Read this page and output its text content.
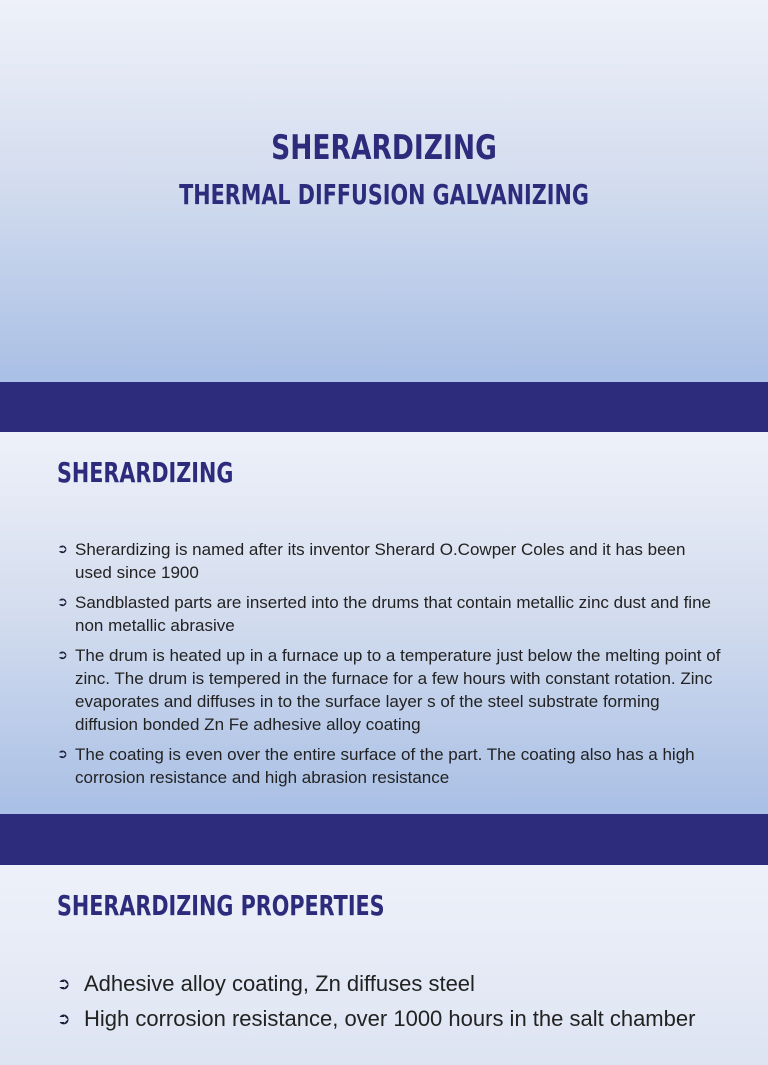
SHERARDIZING
THERMAL DIFFUSION GALVANIZING
SHERARDIZING
➲ Sherardizing is named after its inventor Sherard O.Cowper Coles and it has been used since 1900
➲ Sandblasted parts are inserted into the drums that contain metallic zinc dust and fine non metallic abrasive
➲ The drum is heated up in a furnace up to a temperature just below the melting point of zinc. The drum is tempered in the furnace for a few hours with constant rotation. Zinc evaporates and diffuses in to the surface layer s of the steel substrate forming diffusion bonded Zn Fe adhesive alloy coating
➲ The coating is even over the entire surface of the part. The coating also has a high corrosion resistance and high abrasion resistance
SHERARDIZING PROPERTIES
➲ Adhesive alloy coating, Zn diffuses steel
➲ High corrosion resistance, over 1000 hours in the salt chamber
